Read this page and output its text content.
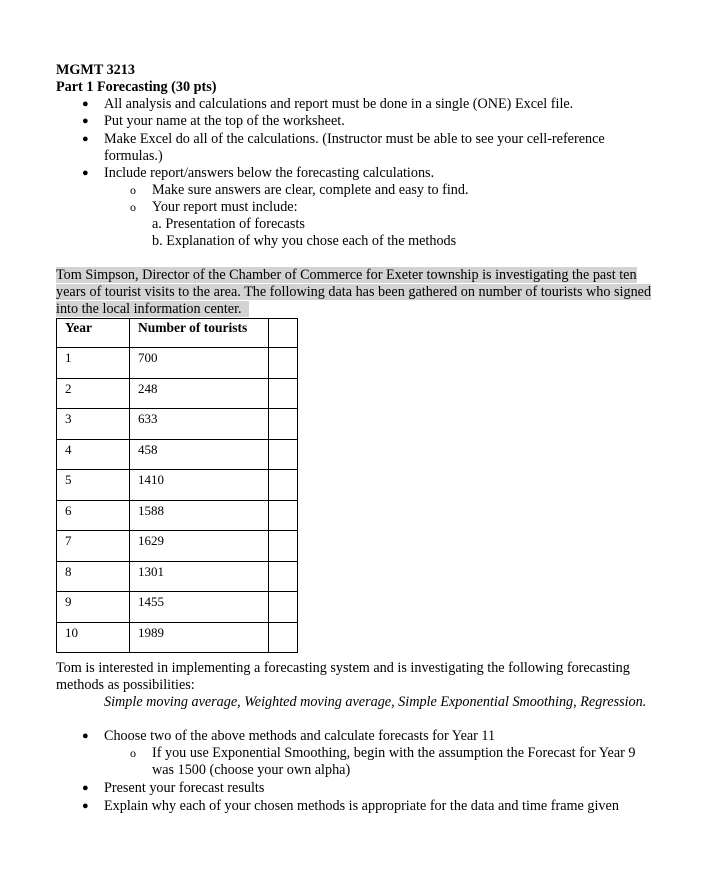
MGMT 3213
Part 1 Forecasting (30 pts)
● All analysis and calculations and report must be done in a single (ONE) Excel file.
● Put your name at the top of the worksheet.
● Make Excel do all of the calculations. (Instructor must be able to see your cell-reference
formulas.)
● Include report/answers below the forecasting calculations.
o Make sure answers are clear, complete and easy to find.
o Your report must include:
a. Presentation of forecasts
b. Explanation of why you chose each of the methods
Tom Simpson, Director of the Chamber of Commerce for Exeter township is investigating the past ten
years of tourist visits to the area. The following data has been gathered on number of tourists who signed
into the local information center.
Year	Number of tourists	
1	700	
2	248	
3	633	
4	458	
5	1410	
6	1588	
7	1629	
8	1301	
9	1455	
10	1989	
Tom is interested in implementing a forecasting system and is investigating the following forecasting
methods as possibilities:
Simple moving average, Weighted moving average, Simple Exponential Smoothing, Regression.
● Choose two of the above methods and calculate forecasts for Year 11
o If you use Exponential Smoothing, begin with the assumption the Forecast for Year 9
was 1500 (choose your own alpha)
● Present your forecast results
● Explain why each of your chosen methods is appropriate for the data and time frame given
